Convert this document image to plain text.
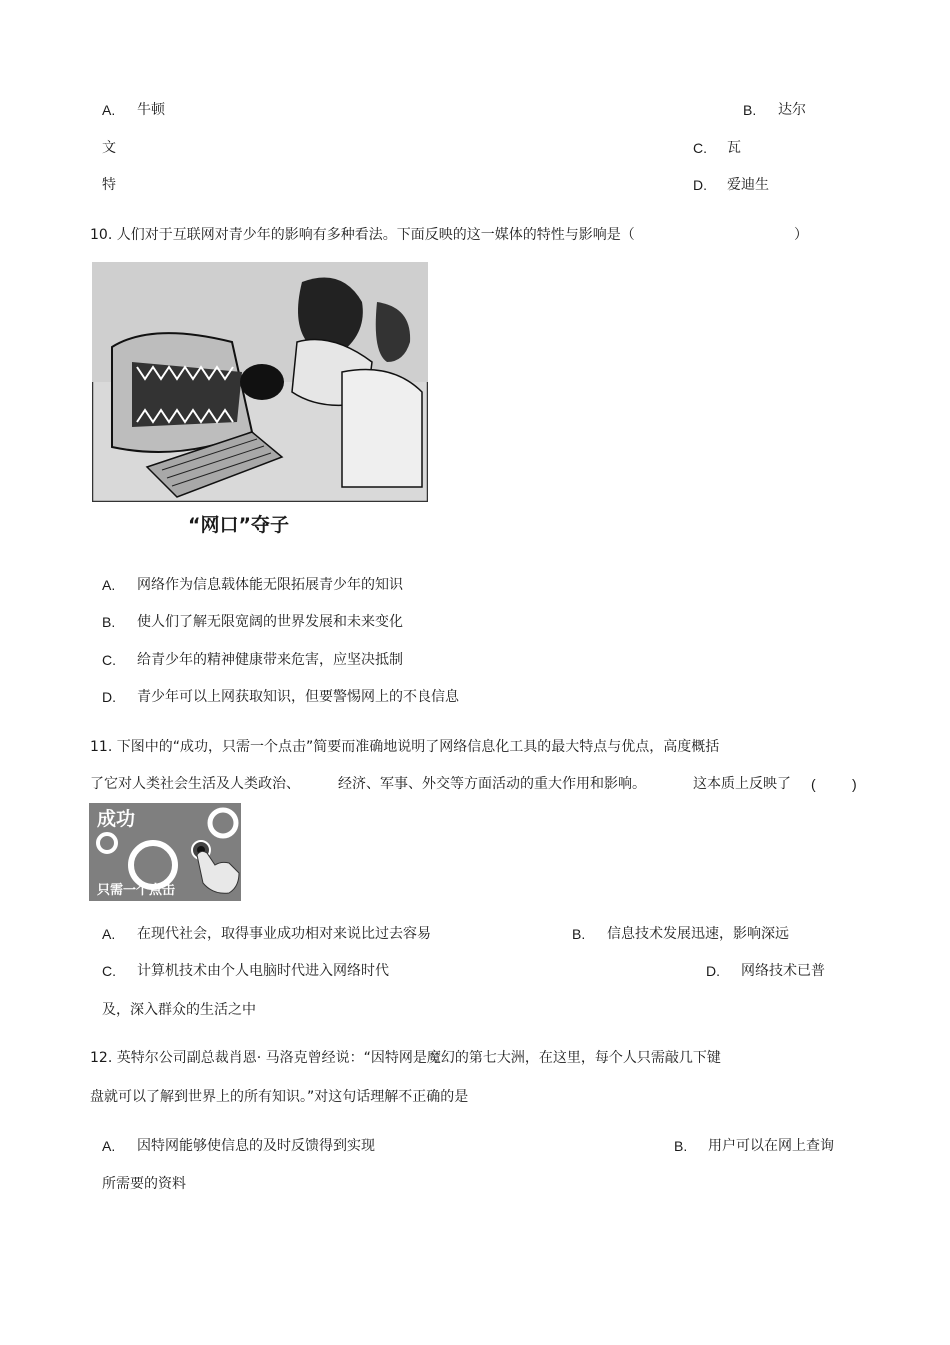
A. 牛顿	B. 达尔
文	C. 瓦
特	D. 爱迪生
10. 人们对于互联网对青少年的影响有多种看法。下面反映的这一媒体的特性与影响是（	）
“网口”夺子
A. 网络作为信息载体能无限拓展青少年的知识
B. 使人们了解无限宽阔的世界发展和未来变化
C. 给青少年的精神健康带来危害，应坚决抵制
D. 青少年可以上网获取知识，但要警惕网上的不良信息
11. 下图中的“成功，只需一个点击”简要而准确地说明了网络信息化工具的最大特点与优点，高度概括
了它对人类社会生活及人类政治、	经济、军事、外交等方面活动的重大作用和影响。	这本质上反映了 (	)
成功
只需一个点击
A. 在现代社会，取得事业成功相对来说比过去容易	B. 信息技术发展迅速，影响深远
C. 计算机技术由个人电脑时代进入网络时代	D. 网络技术已普
及，深入群众的生活之中
12. 英特尔公司副总裁肖恩· 马洛克曾经说：“因特网是魔幻的第七大洲，在这里，每个人只需敲几下键
盘就可以了解到世界上的所有知识。”对这句话理解不正确的是
A. 因特网能够使信息的及时反馈得到实现	B. 用户可以在网上查询
所需要的资料
